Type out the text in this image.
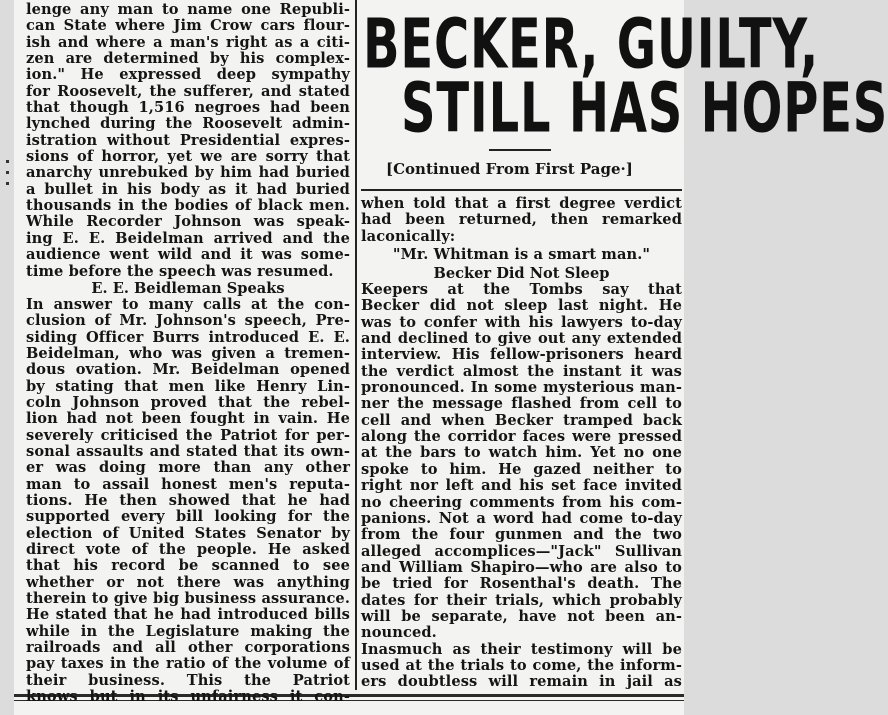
lenge any man to name one Republi-
can State where Jim Crow cars flour-
ish and where a man's right as a citi-
zen are determined by his complex-
ion." He expressed deep sympathy
for Roosevelt, the sufferer, and stated
that though 1,516 negroes had been
lynched during the Roosevelt admin-
istration without Presidential expres-
sions of horror, yet we are sorry that
anarchy unrebuked by him had buried
a bullet in his body as it had buried
thousands in the bodies of black men.
While Recorder Johnson was speak-
ing E. E. Beidelman arrived and the
audience went wild and it was some-
time before the speech was resumed.
E. E. Beidleman Speaks
In answer to many calls at the con-
clusion of Mr. Johnson's speech, Pre-
siding Officer Burrs introduced E. E.
Beidelman, who was given a tremen-
dous ovation. Mr. Beidelman opened
by stating that men like Henry Lin-
coln Johnson proved that the rebel-
lion had not been fought in vain. He
severely criticised the Patriot for per-
sonal assaults and stated that its own-
er was doing more than any other
man to assail honest men's reputa-
tions. He then showed that he had
supported every bill looking for the
election of United States Senator by
direct vote of the people. He asked
that his record be scanned to see
whether or not there was anything
therein to give big business assurance.
He stated that he had introduced bills
while in the Legislature making the
railroads and all other corporations
pay taxes in the ratio of the volume of
their business. This the Patriot
knows but in its unfairness it con-
BECKER, GUILTY,
STILL HAS HOPES
[Continued From First Page·]
when told that a first degree verdict
had been returned, then remarked
laconically:
"Mr. Whitman is a smart man."
Becker Did Not Sleep
Keepers at the Tombs say that
Becker did not sleep last night. He
was to confer with his lawyers to-day
and declined to give out any extended
interview. His fellow-prisoners heard
the verdict almost the instant it was
pronounced. In some mysterious man-
ner the message flashed from cell to
cell and when Becker tramped back
along the corridor faces were pressed
at the bars to watch him. Yet no one
spoke to him. He gazed neither to
right nor left and his set face invited
no cheering comments from his com-
panions. Not a word had come to-day
from the four gunmen and the two
alleged accomplices—"Jack" Sullivan
and William Shapiro—who are also to
be tried for Rosenthal's death. The
dates for their trials, which probably
will be separate, have not been an-
nounced.
Inasmuch as their testimony will be
used at the trials to come, the inform-
ers doubtless will remain in jail as
